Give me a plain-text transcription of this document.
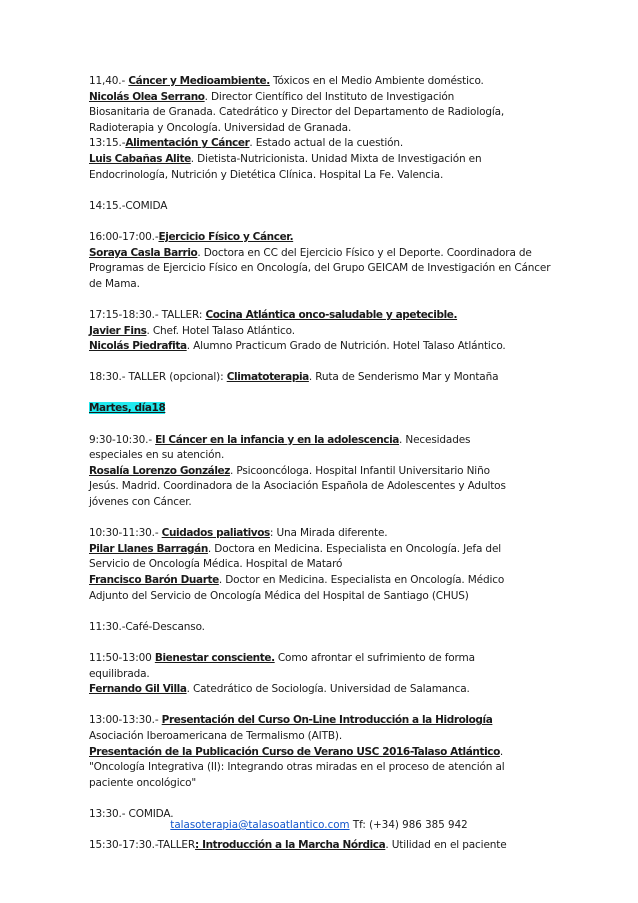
11,40.- Cáncer y Medioambiente. Tóxicos en el Medio Ambiente doméstico.
Nicolás Olea Serrano. Director Científico del Instituto de Investigación
Biosanitaria de Granada. Catedrático y Director del Departamento de Radiología,
Radioterapia y Oncología. Universidad de Granada.
13:15.-Alimentación y Cáncer. Estado actual de la cuestión.
Luis Cabañas Alite. Dietista-Nutricionista. Unidad Mixta de Investigación en
Endocrinología, Nutrición y Dietética Clínica. Hospital La Fe. Valencia.
14:15.-COMIDA
16:00-17:00.-Ejercicio Físico y Cáncer.
Soraya Casla Barrio. Doctora en CC del Ejercicio Físico y el Deporte. Coordinadora de
Programas de Ejercicio Físico en Oncología, del Grupo GEICAM de Investigación en Cáncer
de Mama.
17:15-18:30.- TALLER: Cocina Atlántica onco-saludable y apetecible.
Javier Fins. Chef. Hotel Talaso Atlántico.
Nicolás Piedrafita. Alumno Practicum Grado de Nutrición. Hotel Talaso Atlántico.
18:30.- TALLER (opcional): Climatoterapia. Ruta de Senderismo Mar y Montaña
Martes, día18
9:30-10:30.- El Cáncer en la infancia y en la adolescencia. Necesidades
especiales en su atención.
Rosalía Lorenzo González. Psicooncóloga. Hospital Infantil Universitario Niño
Jesús. Madrid. Coordinadora de la Asociación Española de Adolescentes y Adultos
jóvenes con Cáncer.
10:30-11:30.- Cuidados paliativos: Una Mirada diferente.
Pilar Llanes Barragán. Doctora en Medicina. Especialista en Oncología. Jefa del
Servicio de Oncología Médica. Hospital de Mataró
Francisco Barón Duarte. Doctor en Medicina. Especialista en Oncología. Médico
Adjunto del Servicio de Oncología Médica del Hospital de Santiago (CHUS)
11:30.-Café-Descanso.
11:50-13:00 Bienestar consciente. Como afrontar el sufrimiento de forma
equilibrada.
Fernando Gil Villa. Catedrático de Sociología. Universidad de Salamanca.
13:00-13:30.- Presentación del Curso On-Line Introducción a la Hidrología
Asociación Iberoamericana de Termalismo (AITB).
Presentación de la Publicación Curso de Verano USC 2016-Talaso Atlántico.
"Oncología Integrativa (II): Integrando otras miradas en el proceso de atención al
paciente oncológico"
13:30.- COMIDA.
15:30-17:30.-TALLER: Introducción a la Marcha Nórdica. Utilidad en el paciente
talasoterapia@talasoatlantico.com Tf: (+34) 986 385 942
